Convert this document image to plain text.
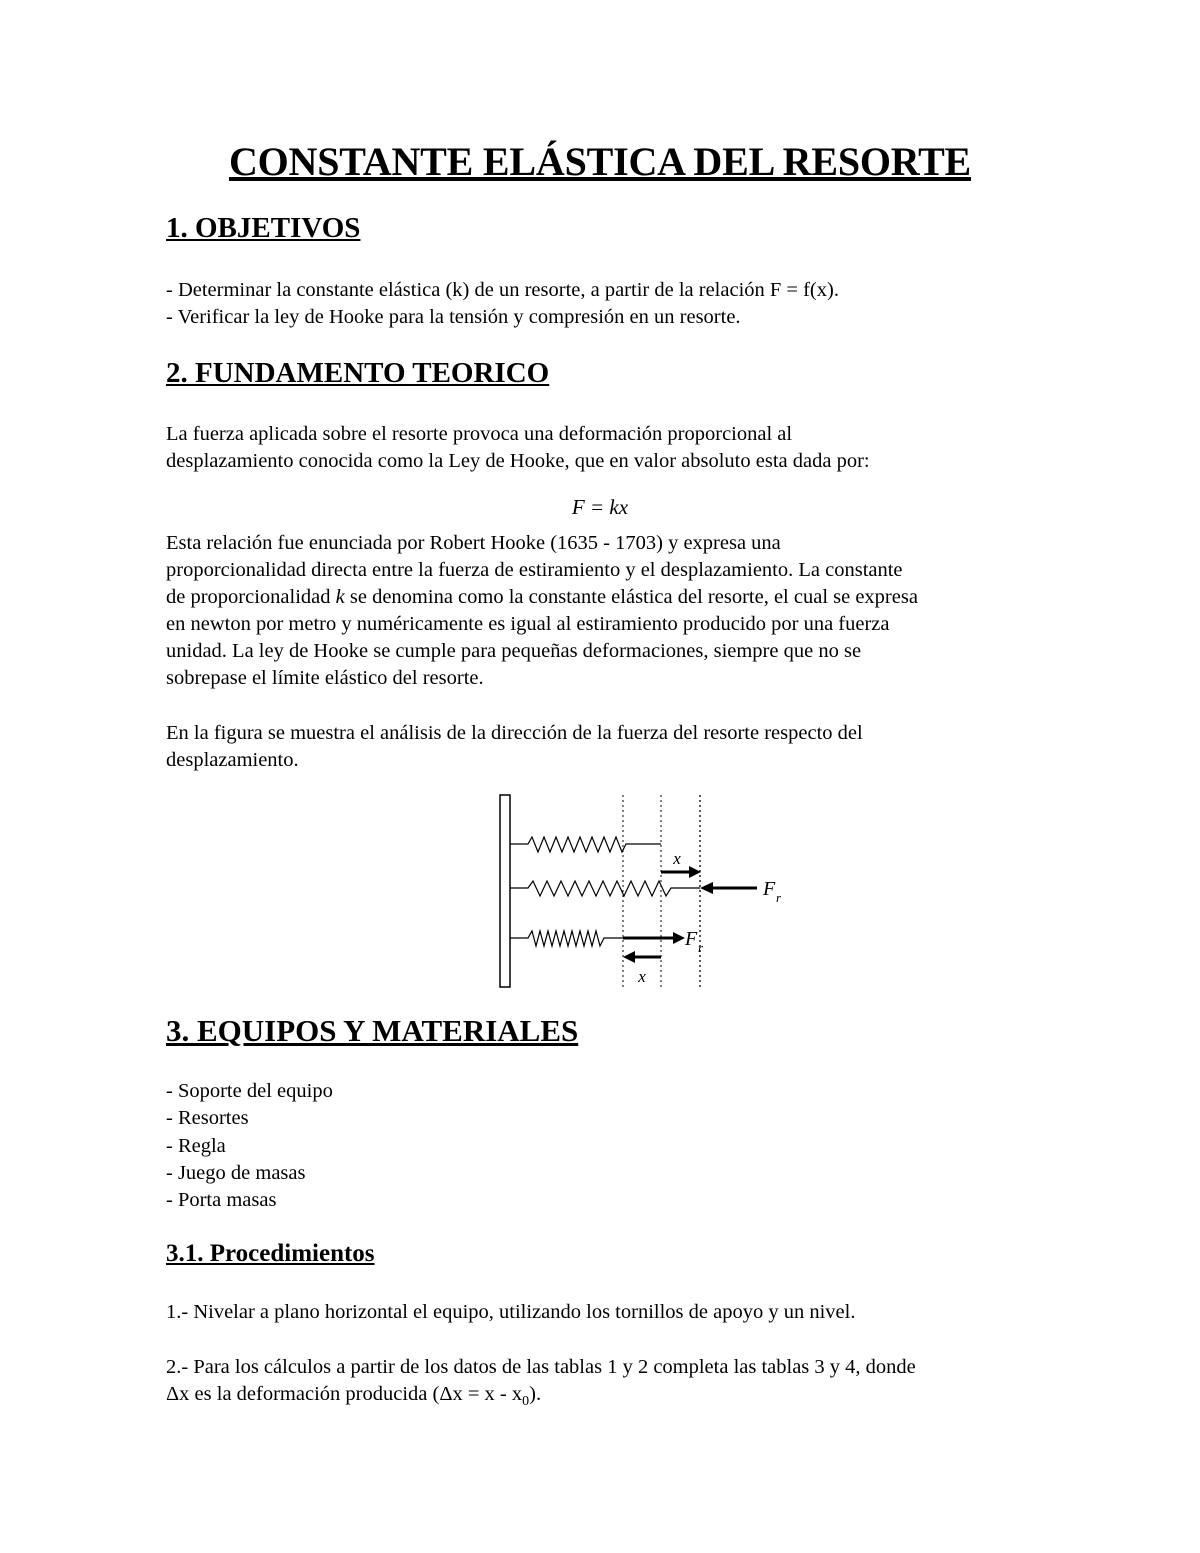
CONSTANTE ELÁSTICA DEL RESORTE
1. OBJETIVOS

- Determinar la constante elástica (k) de un resorte, a partir de la relación F = f(x).

- Verificar la ley de Hooke para la tensión y compresión en un resorte.

2. FUNDAMENTO TEORICO

La fuerza aplicada sobre el resorte provoca una deformación proporcional al

desplazamiento conocida como la Ley de Hooke, que en valor absoluto esta dada por:

F = kx

Esta relación fue enunciada por Robert Hooke (1635 - 1703) y expresa una

proporcionalidad directa entre la fuerza de estiramiento y el desplazamiento. La constante

de proporcionalidad k se denomina como la constante elástica del resorte, el cual se expresa

en newton por metro y numéricamente es igual al estiramiento producido por una fuerza

unidad. La ley de Hooke se cumple para pequeñas deformaciones, siempre que no se

sobrepase el límite elástico del resorte.

En la figura se muestra el análisis de la dirección de la fuerza del resorte respecto del

desplazamiento.

x
F r
F r
x
3. EQUIPOS Y MATERIALES

- Soporte del equipo

- Resortes

- Regla

- Juego de masas

- Porta masas

3.1. Procedimientos

1.- Nivelar a plano horizontal el equipo, utilizando los tornillos de apoyo y un nivel.

2.- Para los cálculos a partir de los datos de las tablas 1 y 2 completa las tablas 3 y 4, donde

Δx es la deformación producida $(\Delta x = x - x_0)$.
